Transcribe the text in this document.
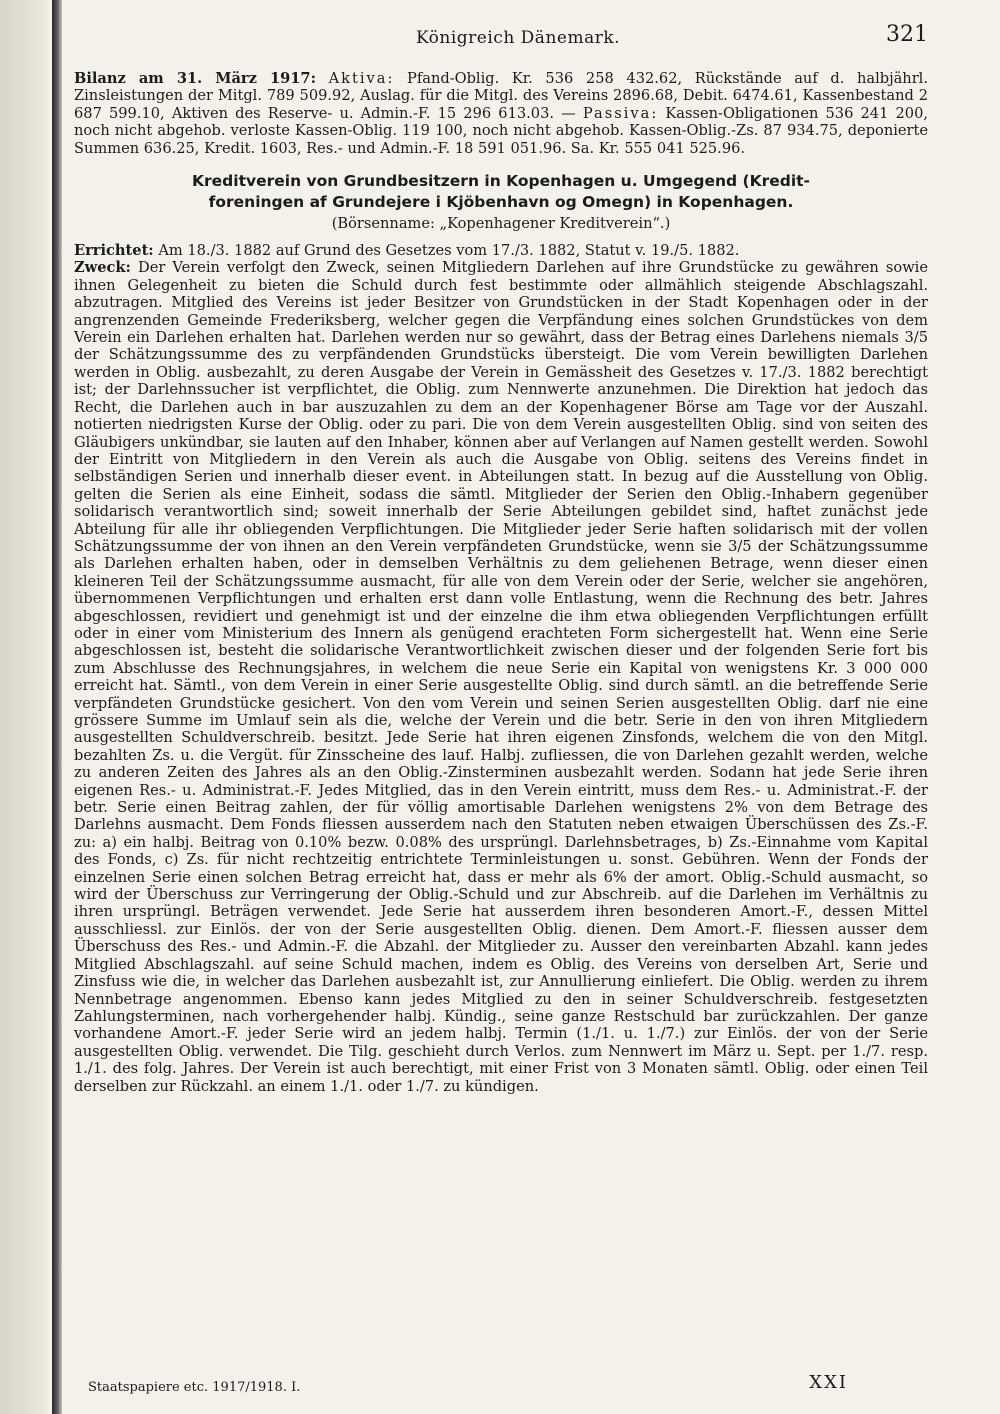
Königreich Dänemark.	321

Bilanz am 31. März 1917: Aktiva: Pfand-Oblig. Kr. 536 258 432.62, Rückstände auf d. halbjährl. Zinsleistungen der Mitgl. 789 509.92, Auslag. für die Mitgl. des Vereins 2896.68, Debit. 6474.61, Kassenbestand 2 687 599.10, Aktiven des Reserve- u. Admin.-F. 15 296 613.03. — Passiva: Kassen-Obligationen 536 241 200, noch nicht abgehob. verloste Kassen-Oblig. 119 100, noch nicht abgehob. Kassen-Oblig.-Zs. 87 934.75, deponierte Summen 636.25, Kredit. 1603, Res.- und Admin.-F. 18 591 051.96. Sa. Kr. 555 041 525.96.

Kreditverein von Grundbesitzern in Kopenhagen u. Umgegend (Kredit-
foreningen af Grundejere i Kjöbenhavn og Omegn) in Kopenhagen.
(Börsenname: „Kopenhagener Kreditverein“.)

Errichtet: Am 18./3. 1882 auf Grund des Gesetzes vom 17./3. 1882, Statut v. 19./5. 1882.

Zweck: Der Verein verfolgt den Zweck, seinen Mitgliedern Darlehen auf ihre Grundstücke zu gewähren sowie ihnen Gelegenheit zu bieten die Schuld durch fest bestimmte oder allmählich steigende Abschlagszahl. abzutragen. Mitglied des Vereins ist jeder Besitzer von Grundstücken in der Stadt Kopenhagen oder in der angrenzenden Gemeinde Frederiksberg, welcher gegen die Verpfändung eines solchen Grundstückes von dem Verein ein Darlehen erhalten hat. Darlehen werden nur so gewährt, dass der Betrag eines Darlehens niemals 3/5 der Schätzungssumme des zu verpfändenden Grundstücks übersteigt. Die vom Verein bewilligten Darlehen werden in Oblig. ausbezahlt, zu deren Ausgabe der Verein in Gemässheit des Gesetzes v. 17./3. 1882 berechtigt ist; der Darlehnssucher ist verpflichtet, die Oblig. zum Nennwerte anzunehmen. Die Direktion hat jedoch das Recht, die Darlehen auch in bar auszuzahlen zu dem an der Kopenhagener Börse am Tage vor der Auszahl. notierten niedrigsten Kurse der Oblig. oder zu pari. Die von dem Verein ausgestellten Oblig. sind von seiten des Gläubigers unkündbar, sie lauten auf den Inhaber, können aber auf Verlangen auf Namen gestellt werden. Sowohl der Eintritt von Mitgliedern in den Verein als auch die Ausgabe von Oblig. seitens des Vereins findet in selbständigen Serien und innerhalb dieser event. in Abteilungen statt. In bezug auf die Ausstellung von Oblig. gelten die Serien als eine Einheit, sodass die sämtl. Mitglieder der Serien den Oblig.-Inhabern gegenüber solidarisch verantwortlich sind; soweit innerhalb der Serie Abteilungen gebildet sind, haftet zunächst jede Abteilung für alle ihr obliegenden Verpflichtungen. Die Mitglieder jeder Serie haften solidarisch mit der vollen Schätzungssumme der von ihnen an den Verein verpfändeten Grundstücke, wenn sie 3/5 der Schätzungssumme als Darlehen erhalten haben, oder in demselben Verhältnis zu dem geliehenen Betrage, wenn dieser einen kleineren Teil der Schätzungssumme ausmacht, für alle von dem Verein oder der Serie, welcher sie angehören, übernommenen Verpflichtungen und erhalten erst dann volle Entlastung, wenn die Rechnung des betr. Jahres abgeschlossen, revidiert und genehmigt ist und der einzelne die ihm etwa obliegenden Verpflichtungen erfüllt oder in einer vom Ministerium des Innern als genügend erachteten Form sichergestellt hat. Wenn eine Serie abgeschlossen ist, besteht die solidarische Verantwortlichkeit zwischen dieser und der folgenden Serie fort bis zum Abschlusse des Rechnungsjahres, in welchem die neue Serie ein Kapital von wenigstens Kr. 3 000 000 erreicht hat. Sämtl., von dem Verein in einer Serie ausgestellte Oblig. sind durch sämtl. an die betreffende Serie verpfändeten Grundstücke gesichert. Von den vom Verein und seinen Serien ausgestellten Oblig. darf nie eine grössere Summe im Umlauf sein als die, welche der Verein und die betr. Serie in den von ihren Mitgliedern ausgestellten Schuldverschreib. besitzt. Jede Serie hat ihren eigenen Zinsfonds, welchem die von den Mitgl. bezahlten Zs. u. die Vergüt. für Zinsscheine des lauf. Halbj. zufliessen, die von Darlehen gezahlt werden, welche zu anderen Zeiten des Jahres als an den Oblig.-Zinsterminen ausbezahlt werden. Sodann hat jede Serie ihren eigenen Res.- u. Administrat.-F. Jedes Mitglied, das in den Verein eintritt, muss dem Res.- u. Administrat.-F. der betr. Serie einen Beitrag zahlen, der für völlig amortisable Darlehen wenigstens 2% von dem Betrage des Darlehns ausmacht. Dem Fonds fliessen ausserdem nach den Statuten neben etwaigen Überschüssen des Zs.-F. zu: a) ein halbj. Beitrag von 0.10% bezw. 0.08% des ursprüngl. Darlehnsbetrages, b) Zs.-Einnahme vom Kapital des Fonds, c) Zs. für nicht rechtzeitig entrichtete Terminleistungen u. sonst. Gebühren. Wenn der Fonds der einzelnen Serie einen solchen Betrag erreicht hat, dass er mehr als 6% der amort. Oblig.-Schuld ausmacht, so wird der Überschuss zur Verringerung der Oblig.-Schuld und zur Abschreib. auf die Darlehen im Verhältnis zu ihren ursprüngl. Beträgen verwendet. Jede Serie hat ausserdem ihren besonderen Amort.-F., dessen Mittel ausschliessl. zur Einlös. der von der Serie ausgestellten Oblig. dienen. Dem Amort.-F. fliessen ausser dem Überschuss des Res.- und Admin.-F. die Abzahl. der Mitglieder zu. Ausser den vereinbarten Abzahl. kann jedes Mitglied Abschlagszahl. auf seine Schuld machen, indem es Oblig. des Vereins von derselben Art, Serie und Zinsfuss wie die, in welcher das Darlehen ausbezahlt ist, zur Annullierung einliefert. Die Oblig. werden zu ihrem Nennbetrage angenommen. Ebenso kann jedes Mitglied zu den in seiner Schuldverschreib. festgesetzten Zahlungsterminen, nach vorhergehender halbj. Kündig., seine ganze Restschuld bar zurückzahlen. Der ganze vorhandene Amort.-F. jeder Serie wird an jedem halbj. Termin (1./1. u. 1./7.) zur Einlös. der von der Serie ausgestellten Oblig. verwendet. Die Tilg. geschieht durch Verlos. zum Nennwert im März u. Sept. per 1./7. resp. 1./1. des folg. Jahres. Der Verein ist auch berechtigt, mit einer Frist von 3 Monaten sämtl. Oblig. oder einen Teil derselben zur Rückzahl. an einem 1./1. oder 1./7. zu kündigen.

Staatspapiere etc. 1917/1918. I.	XXI
